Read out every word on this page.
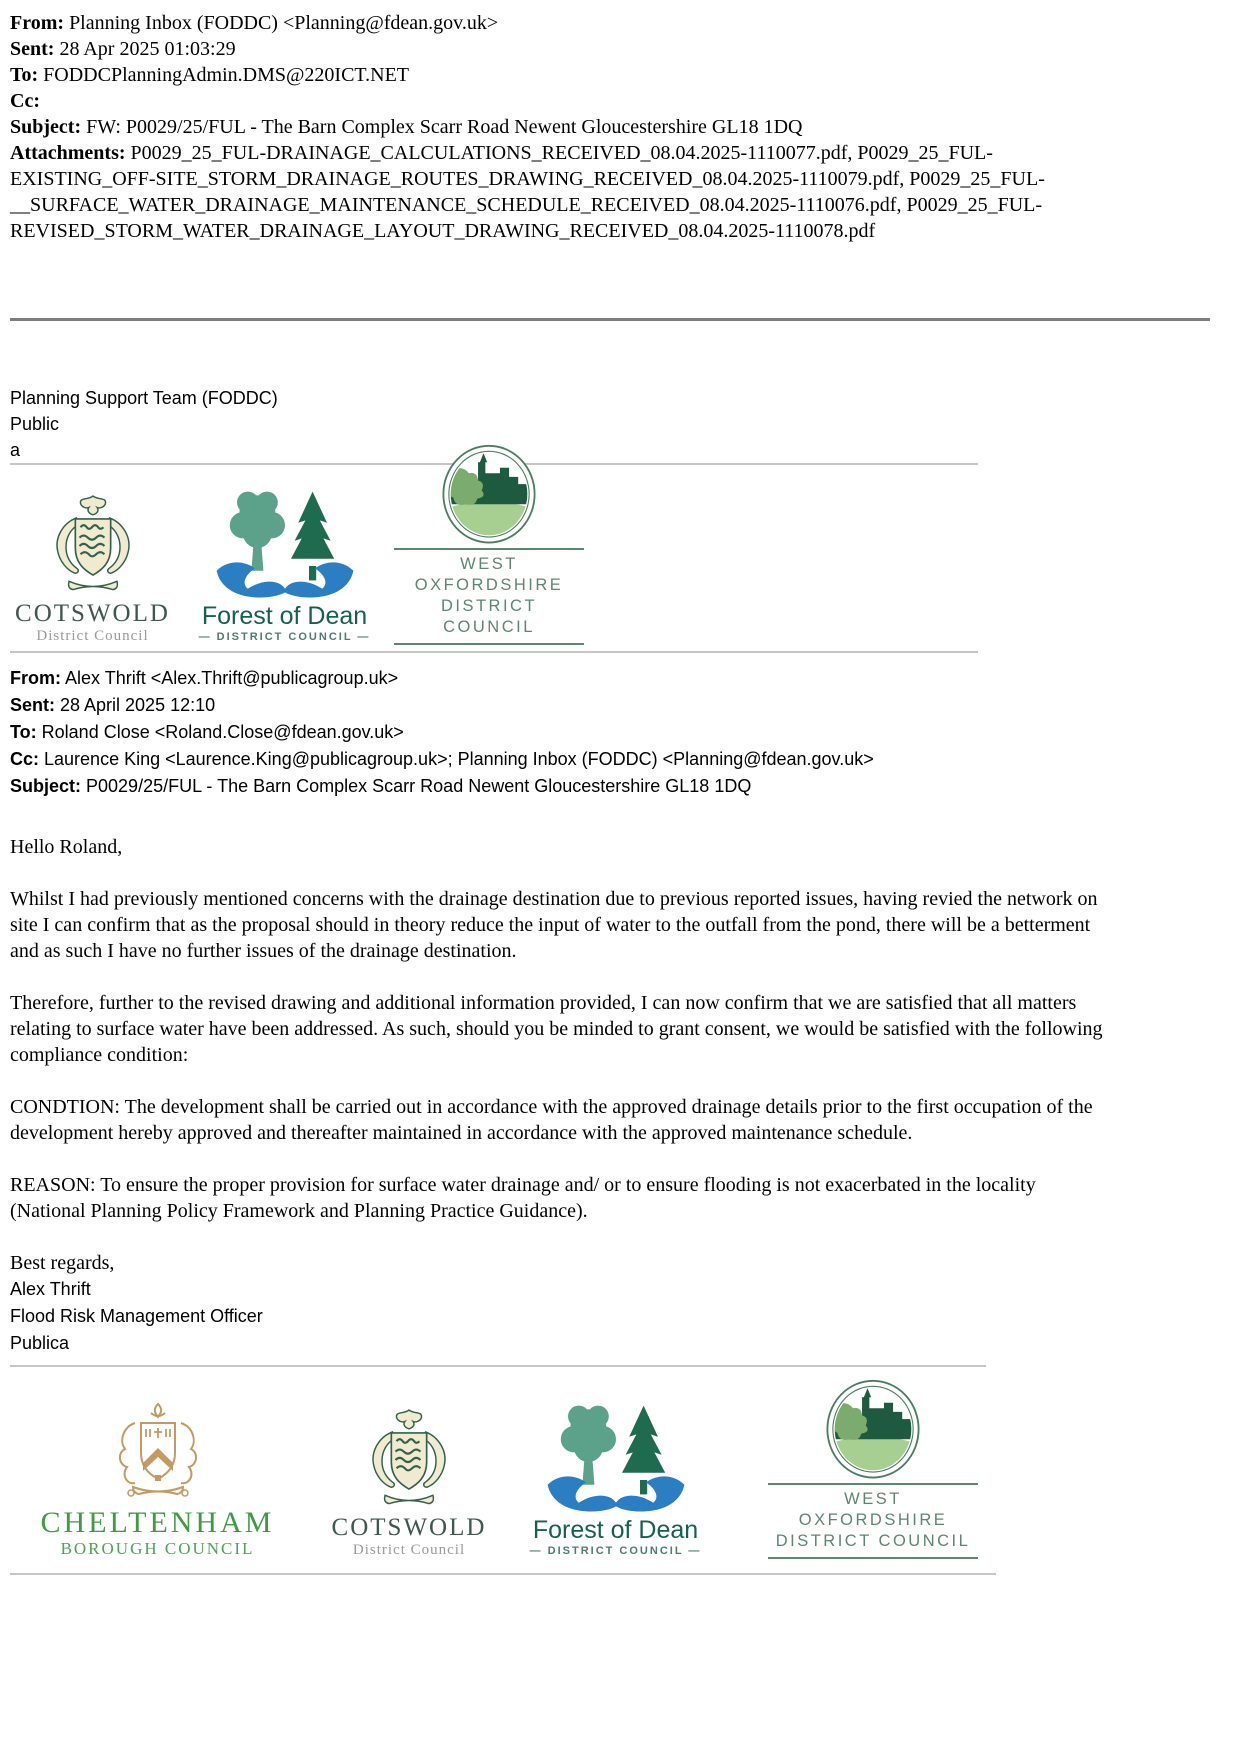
From: Planning Inbox (FODDC) <Planning@fdean.gov.uk>

Sent: 28 Apr 2025 01:03:29

To: FODDCPlanningAdmin.DMS@220ICT.NET

Cc:

Subject: FW: P0029/25/FUL - The Barn Complex Scarr Road Newent Gloucestershire GL18 1DQ

Attachments: P0029_25_FUL-DRAINAGE_CALCULATIONS_RECEIVED_08.04.2025-1110077.pdf, P0029_25_FUL-EXISTING_OFF-SITE_STORM_DRAINAGE_ROUTES_DRAWING_RECEIVED_08.04.2025-1110079.pdf, P0029_25_FUL-__SURFACE_WATER_DRAINAGE_MAINTENANCE_SCHEDULE_RECEIVED_08.04.2025-1110076.pdf, P0029_25_FUL-REVISED_STORM_WATER_DRAINAGE_LAYOUT_DRAWING_RECEIVED_08.04.2025-1110078.pdf

Planning Support Team (FODDC)

Public

a

COTSWOLD
District Council
Forest of Dean
— DISTRICT COUNCIL —
WEST OXFORDSHIRE
DISTRICT COUNCIL

From: Alex Thrift <Alex.Thrift@publicagroup.uk>

Sent: 28 April 2025 12:10

To: Roland Close <Roland.Close@fdean.gov.uk>

Cc: Laurence King <Laurence.King@publicagroup.uk>; Planning Inbox (FODDC) <Planning@fdean.gov.uk>

Subject: P0029/25/FUL - The Barn Complex Scarr Road Newent Gloucestershire GL18 1DQ

Hello Roland,

Whilst I had previously mentioned concerns with the drainage destination due to previous reported issues, having revied the network on site I can confirm that as the proposal should in theory reduce the input of water to the outfall from the pond, there will be a betterment and as such I have no further issues of the drainage destination.

Therefore, further to the revised drawing and additional information provided, I can now confirm that we are satisfied that all matters relating to surface water have been addressed. As such, should you be minded to grant consent, we would be satisfied with the following compliance condition:

CONDTION: The development shall be carried out in accordance with the approved drainage details prior to the first occupation of the development hereby approved and thereafter maintained in accordance with the approved maintenance schedule.

REASON: To ensure the proper provision for surface water drainage and/ or to ensure flooding is not exacerbated in the locality (National Planning Policy Framework and Planning Practice Guidance).

Best regards,

Alex Thrift

Flood Risk Management Officer

Publica

CHELTENHAM
BOROUGH COUNCIL
COTSWOLD
District Council
Forest of Dean
— DISTRICT COUNCIL —
WEST OXFORDSHIRE
DISTRICT COUNCIL
